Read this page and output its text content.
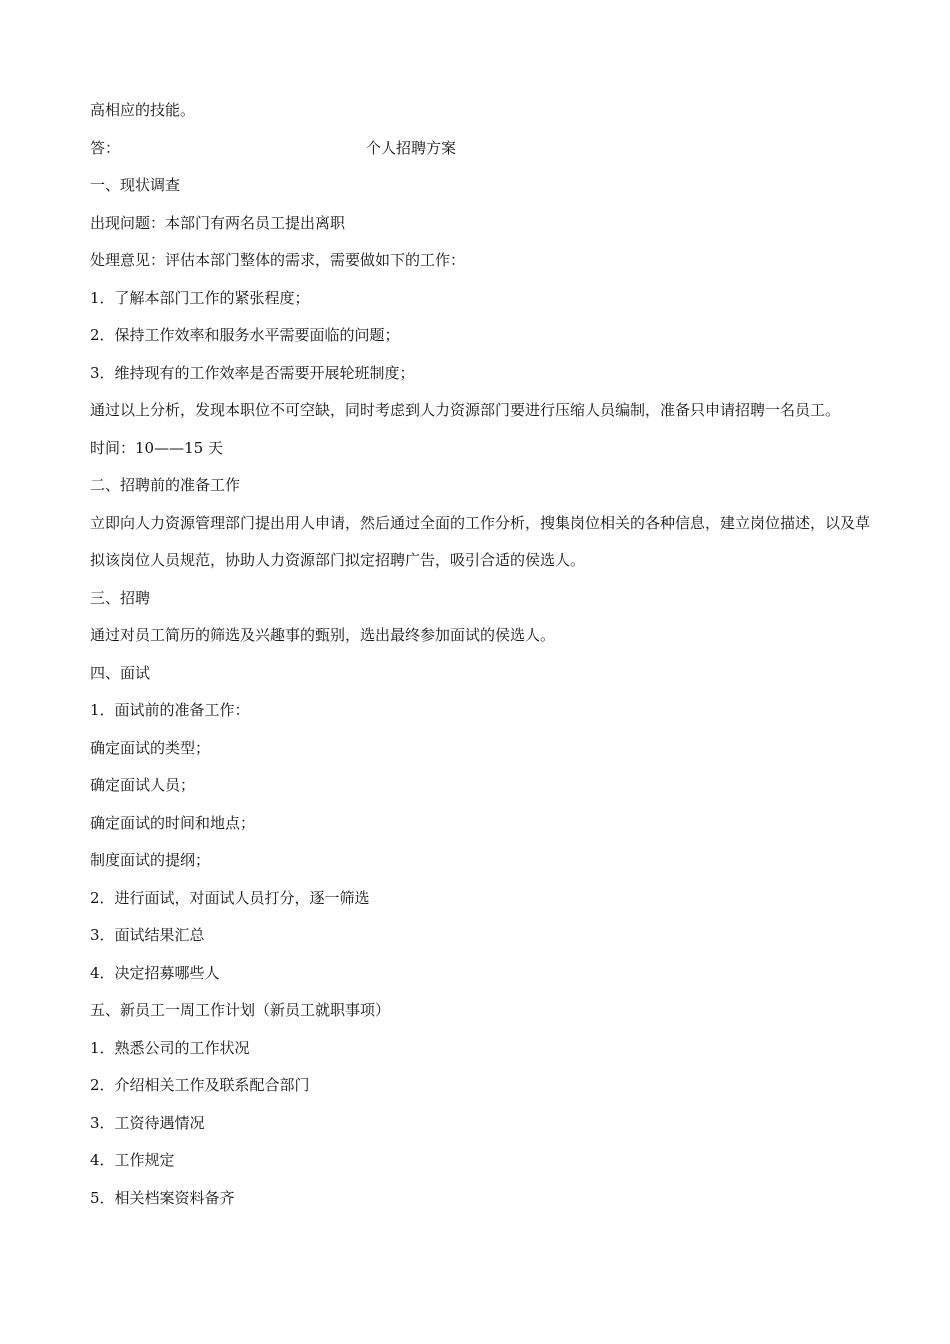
高相应的技能。

答：	个人招聘方案

一、现状调查

出现问题：本部门有两名员工提出离职

处理意见：评估本部门整体的需求，需要做如下的工作：

1．了解本部门工作的紧张程度；

2．保持工作效率和服务水平需要面临的问题；

3．维持现有的工作效率是否需要开展轮班制度；

通过以上分析，发现本职位不可空缺，同时考虑到人力资源部门要进行压缩人员编制，准备只申请招聘一名员工。

时间：10——15 天

二、招聘前的准备工作

立即向人力资源管理部门提出用人申请，然后通过全面的工作分析，搜集岗位相关的各种信息，建立岗位描述，以及草拟该岗位人员规范，协助人力资源部门拟定招聘广告，吸引合适的侯选人。

三、招聘

通过对员工简历的筛选及兴趣事的甄别，选出最终参加面试的侯选人。

四、面试

1．面试前的准备工作：

确定面试的类型；

确定面试人员；

确定面试的时间和地点；

制度面试的提纲；

2．进行面试，对面试人员打分，逐一筛选

3．面试结果汇总

4．决定招募哪些人

五、新员工一周工作计划（新员工就职事项）

1．熟悉公司的工作状况

2．介绍相关工作及联系配合部门

3．工资待遇情况

4．工作规定

5．相关档案资料备齐
